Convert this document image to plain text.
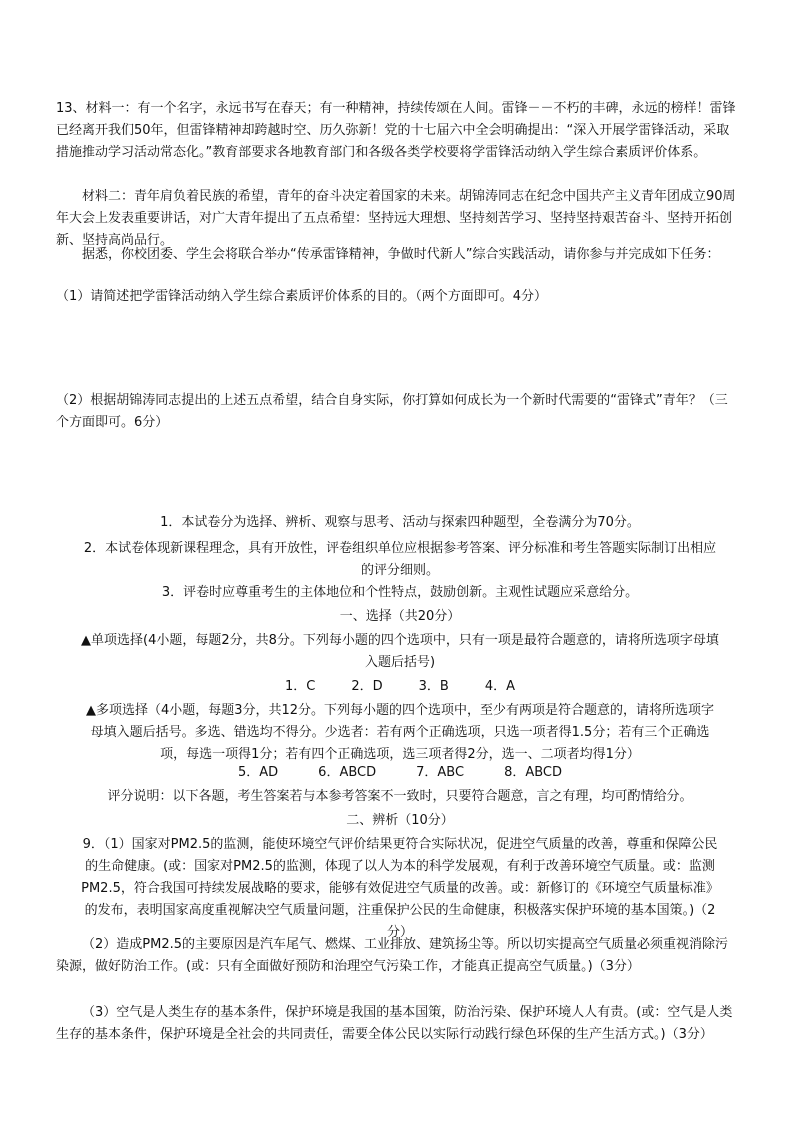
13、材料一：有一个名字，永远书写在春天；有一种精神，持续传颂在人间。雷锋－－不朽的丰碑，永远的榜样！雷锋已经离开我们50年，但雷锋精神却跨越时空、历久弥新！党的十七届六中全会明确提出：“深入开展学雷锋活动，采取措施推动学习活动常态化。”教育部要求各地教育部门和各级各类学校要将学雷锋活动纳入学生综合素质评价体系。

材料二：青年肩负着民族的希望，青年的奋斗决定着国家的未来。胡锦涛同志在纪念中国共产主义青年团成立90周年大会上发表重要讲话，对广大青年提出了五点希望：坚持远大理想、坚持刻苦学习、坚持坚持艰苦奋斗、坚持开拓创新、坚持高尚品行。

据悉，你校团委、学生会将联合举办“传承雷锋精神，争做时代新人”综合实践活动，请你参与并完成如下任务：

（1）请简述把学雷锋活动纳入学生综合素质评价体系的目的。（两个方面即可。4分）

（2）根据胡锦涛同志提出的上述五点希望，结合自身实际，你打算如何成长为一个新时代需要的“雷锋式”青年？（三个方面即可。6分）

1．本试卷分为选择、辨析、观察与思考、活动与探索四种题型，全卷满分为70分。

2．本试卷体现新课程理念，具有开放性，评卷组织单位应根据参考答案、评分标准和考生答题实际制订出相应的评分细则。

3．评卷时应尊重考生的主体地位和个性特点，鼓励创新。主观性试题应采意给分。

一、选择（共20分）

▲单项选择(4小题，每题2分，共8分。下列每小题的四个选项中，只有一项是最符合题意的，请将所选项字母填入题后括号)

1．C	2．D	3．B	4．A

▲多项选择（4小题，每题3分，共12分。下列每小题的四个选项中，至少有两项是符合题意的，请将所选项字母填入题后括号。多选、错选均不得分。少选者：若有两个正确选项，只选一项者得1.5分；若有三个正确选项，每选一项得1分；若有四个正确选项，选三项者得2分，选一、二项者均得1分）

5．AD	6．ABCD	7．ABC	8．ABCD

评分说明：以下各题，考生答案若与本参考答案不一致时，只要符合题意，言之有理，均可酌情给分。

二、辨析（10分）

9．（1）国家对PM2.5的监测，能使环境空气评价结果更符合实际状况，促进空气质量的改善，尊重和保障公民的生命健康。(或：国家对PM2.5的监测，体现了以人为本的科学发展观，有利于改善环境空气质量。或：监测PM2.5，符合我国可持续发展战略的要求，能够有效促进空气质量的改善。或：新修订的《环境空气质量标准》的发布，表明国家高度重视解决空气质量问题，注重保护公民的生命健康，积极落实保护环境的基本国策。)（2分）

（2）造成PM2.5的主要原因是汽车尾气、燃煤、工业排放、建筑扬尘等。所以切实提高空气质量必须重视消除污染源，做好防治工作。(或：只有全面做好预防和治理空气污染工作，才能真正提高空气质量。)（3分）

（3）空气是人类生存的基本条件，保护环境是我国的基本国策，防治污染、保护环境人人有责。(或：空气是人类生存的基本条件，保护环境是全社会的共同责任，需要全体公民以实际行动践行绿色环保的生产生活方式。)（3分）
